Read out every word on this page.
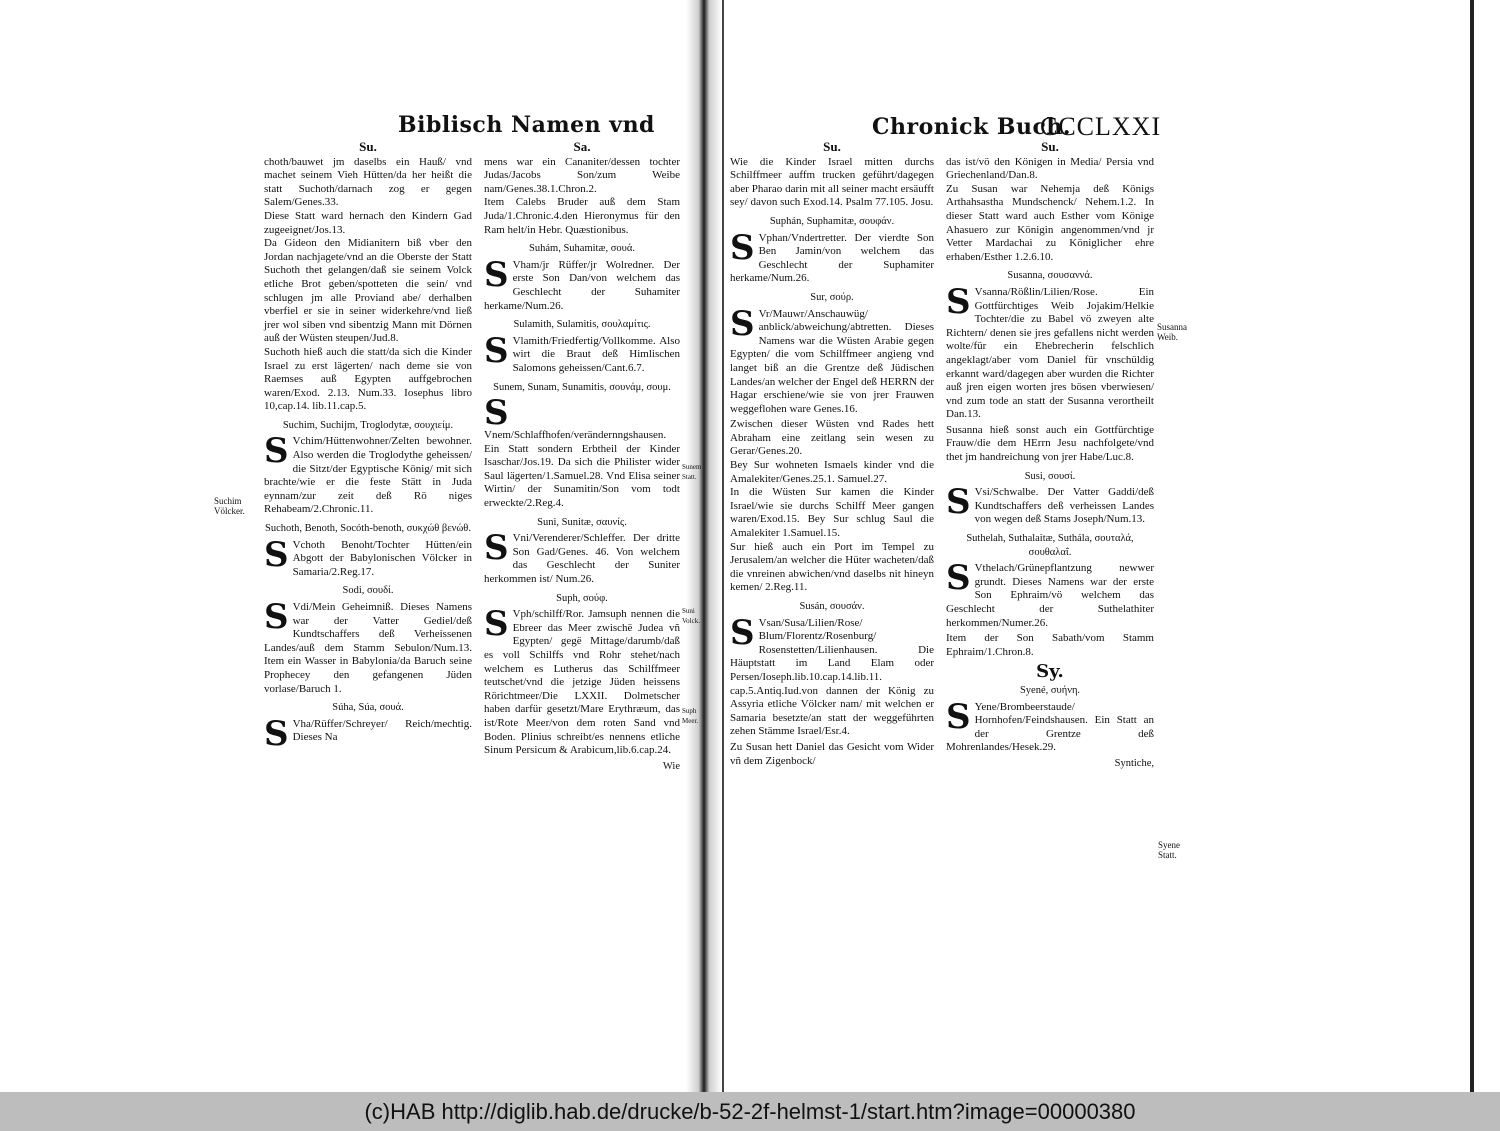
Biblisch Namen vnd
Su.

choth/bauwet jm daselbs ein Hauß/ vnd machet seinem Vieh Hütten/da her heißt die statt Suchoth/darnach zog er gegen Salem/Genes.33.

Diese Statt ward hernach den Kindern Gad zugeeignet/Jos.13.

Da Gideon den Midianitern biß vber den Jordan nachjagete/vnd an die Oberste der Statt Suchoth thet gelangen/daß sie seinem Volck etliche Brot geben/spotteten die sein/ vnd schlugen jm alle Proviand abe/ derhalben vberfiel er sie in seiner widerkehre/vnd ließ jrer wol siben vnd sibentzig Mann mit Dörnen auß der Wüsten steupen/Jud.8.

Suchoth hieß auch die statt/da sich die Kinder Israel zu erst lägerten/ nach deme sie von Raemses auß Egypten auffgebrochen waren/Exod. 2.13. Num.33. Iosephus libro 10,cap.14. lib.11.cap.5.

Suchim, Suchijm, Troglodytæ, σουχιείμ.
S Vchim/Hüttenwohner/Zelten bewohner. Also werden die Troglodythe geheissen/ die Sitzt/der Egyptische König/ mit sich brachte/wie er die feste Stätt in Juda eynnam/zur zeit deß Rö niges Rehabeam/2.Chronic.11.

Suchoth, Benoth, Socóth-benoth, συκχώθ βενώθ.
S Vchoth Benoht/Tochter Hütten/ein Abgott der Babylonischen Völcker in Samaria/2.Reg.17.

Sodi, σουδί.
S Vdi/Mein Geheimniß. Dieses Namens war der Vatter Gediel/deß Kundtschaffers deß Verheissenen Landes/auß dem Stamm Sebulon/Num.13. Item ein Wasser in Babylonia/da Baruch seine Prophecey den gefangenen Jüden vorlase/Baruch 1.

Súha, Súa, σουά.
S Vha/Rüffer/Schreyer/ Reich/mechtig. Dieses Na

Sa.

mens war ein Cananiter/dessen tochter Judas/Jacobs Son/zum Weibe nam/Genes.38.1.Chron.2.

Item Calebs Bruder auß dem Stam Juda/1.Chronic.4.den Hieronymus für den Ram helt/in Hebr. Quæstionibus.

Suhám, Suhamitæ, σουά.
S Vham/jr Rüffer/jr Wolredner. Der erste Son Dan/von welchem das Geschlecht der Suhamiter herkame/Num.26.

Sulamith, Sulamitis, σουλαμίτις.
S Vlamith/Friedfertig/Vollkomme. Also wirt die Braut deß Himlischen Salomons geheissen/Cant.6.7.

Sunem, Sunam, Sunamitis, σουνάμ, σουμ.
S

Vnem/Schlaffhofen/verändernngshausen. Ein Statt sondern Erbtheil der Kinder Isaschar/Jos.19. Da sich die Philister wider Saul lägerten/1.Samuel.28. Vnd Elisa seiner Wirtin/ der Sunamitin/Son vom todt erweckte/2.Reg.4.

Suni, Sunitæ, σαυνίς.
S Vni/Verenderer/Schleffer. Der dritte Son Gad/Genes. 46. Von welchem das Geschlecht der Suniter herkommen ist/ Num.26.

Suph, σούφ.
S Vph/schilff/Ror. Jamsuph nennen die Ebreer das Meer zwischë Judea vñ Egypten/ gegë Mittage/darumb/daß es voll Schilffs vnd Rohr stehet/nach welchem es Lutherus das Schilffmeer teutschet/vnd die jetzige Jüden heissens Rörichtmeer/Die LXXII. Dolmetscher haben darfür gesetzt/Mare Erythræum, das ist/Rote Meer/von dem roten Sand vnd Boden. Plinius schreibt/es nennens etliche Sinum Persicum & Arabicum,lib.6.cap.24.

Wie
Suchim Völcker.
Sunem Statt.
Suni Volck.
Suph Meer.
Chronick Buch.
CCCLXXI
Su.

Wie die Kinder Israel mitten durchs Schilffmeer auffm trucken geführt/dagegen aber Pharao darin mit all seiner macht ersäufft sey/ davon such Exod.14. Psalm 77.105. Josu.

Suphán, Suphamitæ, σουφάν.
S Vphan/Vndertretter. Der vierdte Son Ben Jamin/von welchem das Geschlecht der Suphamiter herkame/Num.26.

Sur, σούρ.
S Vr/Mauwr/Anschauwüg/ anblick/abweichung/abtretten. Dieses Namens war die Wüsten Arabie gegen Egypten/ die vom Schilffmeer angieng vnd langet biß an die Grentze deß Jüdischen Landes/an welcher der Engel deß HERRN der Hagar erschiene/wie sie von jrer Frauwen weggeflohen ware Genes.16.

Zwischen dieser Wüsten vnd Rades hett Abraham eine zeitlang sein wesen zu Gerar/Genes.20.

Bey Sur wohneten Ismaels kinder vnd die Amalekiter/Genes.25.1. Samuel.27.

In die Wüsten Sur kamen die Kinder Israel/wie sie durchs Schilff Meer gangen waren/Exod.15. Bey Sur schlug Saul die Amalekiter 1.Samuel.15.

Sur hieß auch ein Port im Tempel zu Jerusalem/an welcher die Hüter wacheten/daß die vnreinen abwichen/vnd daselbs nit hineyn kemen/ 2.Reg.11.

Susán, σουσάν.
S Vsan/Susa/Lilien/Rose/ Blum/Florentz/Rosenburg/ Rosenstetten/Lilienhausen. Die Häuptstatt im Land Elam oder Persen/Ioseph.lib.10.cap.14.lib.11. cap.5.Antiq.Iud.von dannen der König zu Assyria etliche Völcker nam/ mit welchen er Samaria besetzte/an statt der weggeführten zehen Stämme Israel/Esr.4.

Zu Susan hett Daniel das Gesicht vom Wider vñ dem Zigenbock/

Su.

das ist/vö den Königen in Media/ Persia vnd Griechenland/Dan.8.

Zu Susan war Nehemja deß Königs Arthahsastha Mundschenck/ Nehem.1.2. In dieser Statt ward auch Esther vom Könige Ahasuero zur Königin angenommen/vnd jr Vetter Mardachai zu Königlicher ehre erhaben/Esther 1.2.6.10.

Susanna, σουσαννά.
S Vsanna/Rößlin/Lilien/Rose. Ein Gottfürchtiges Weib Jojakim/Helkie Tochter/die zu Babel vö zweyen alte Richtern/ denen sie jres gefallens nicht werden wolte/für ein Ehebrecherin felschlich angeklagt/aber vom Daniel für vnschüldig erkannt ward/dagegen aber wurden die Richter auß jren eigen worten jres bösen vberwiesen/ vnd zum tode an statt der Susanna verortheilt Dan.13.

Susanna hieß sonst auch ein Gottfürchtige Frauw/die dem HErrn Jesu nachfolgete/vnd thet jm handreichung von jrer Habe/Luc.8.

Susi, σουσί.
S Vsi/Schwalbe. Der Vatter Gaddi/deß Kundtschaffers deß verheissen Landes von wegen deß Stams Joseph/Num.13.

Suthelah, Suthalaitæ, Suthála, σουταλά, σουθαλαΐ.
S Vthelach/Grünepflantzung newwer grundt. Dieses Namens war der erste Son Ephraim/vö welchem das Geschlecht der Suthelathiter herkommen/Numer.26.

Item der Son Sabath/vom Stamm Ephraim/1.Chron.8.

Sy.
Syené, συήνη.
S Yene/Brombeerstaude/ Hornhofen/Feindshausen. Ein Statt an der Grentze deß Mohrenlandes/Hesek.29.

Syntiche,
Susanna Weib.
Syene Statt.
(c)HAB http://diglib.hab.de/drucke/b-52-2f-helmst-1/start.htm?image=00000380
